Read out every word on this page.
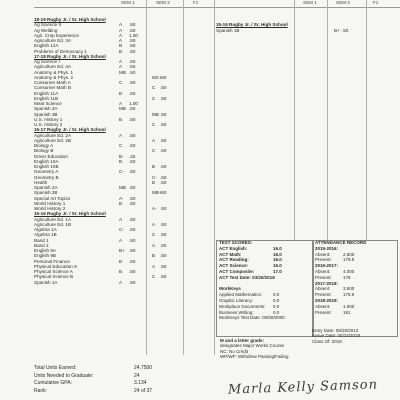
SEM 1	SEM 2	F1	SEM 1	SEM 2	F1
18-19 Rugby Jr. / Sr. High School
Ag Science II	A .50
Ag Welding	A .50
Agri. Crop Experience	A 1.00
Agriculture Ed. 3A	A .50
English 12A	B .50
Problems of Democracy 1	B .50
17-18 Rugby Jr. / Sr. High School
Ag Science I	A .50
Agriculture Ed. 4A	A .50
Anatomy & Phys. 1	MB .50
Anatomy & Phys. 2	MC+
.50
Consumer Math A	C .50
Consumer Math B	C .50
English 11A	B .50
English 11B	C .50
Meat Science	A 1.00
Spanish 3A	MB .50
Spanish 3B	MB .50
U.S. History 1	B .50
U.S. History 2	C .50
16-17 Rugby Jr. / Sr. High School
Agriculture Ed. 2A	A .50
Agriculture Ed. 2B	A .50
Biology A	C .50
Biology B	C .50
Driver Education	B- .25
English 10A	B .50
English 10B	B .50
Geometry A	C- .50
Geometry B	C- .50
Health	B .50
Spanish 2A	MB .50
Spanish 2B	MB+
.50
Special Art Topics	A- .50
World History 1	B .50
World History 2	A- .50
15-16 Rugby Jr. / Sr. High School
Agriculture Ed. 1A	A .50
Agriculture Ed. 1B	A .50
Algebra 1A	C- .50
Algebra 1B	C .50
Band 1	A .50
Band 2	A .50
English 9A	B+ .50
English 9B	B .50
Personal Finance	B .50
Physical Education 9	A .50
Physical Science A	B .50
Physical Science B	C .50
Spanish 1A	A .50
15-16 Rugby Jr. / Sr. High School
Spanish 1B	B+ .50
TEST SCORES:
ACT English:	16.0
ACT Math:	16.0
ACT Reading:	16.0
ACT Science:	16.0
ACT Composite:	17.0
ACT Test Date: 03/20/2018
WorkKeys
Applied Mathematics: 0.0
Graphic Literacy:	0.0
Workplace Documents: 0.0
Business Writing:	0.0
WorkKeys Test Date: 00/00/0000
ATTENDANCE RECORD
2015-2016:
Absent:	2.500
Present: 179.5
2016-2017:
Absent:	4.000
Present: 178
2017-2018:
Absent:	3.500
Present: 178.5
2018-2019:
Absent:	1.000
Present: 181
M and a letter grade:
designates Major Works Course
NC: No Credit
WP/WF: Withdrew Passing/Failing
Entry Date: 08/20/2013
Leave Date: 05/24/2019
Class Of: 2019
Total Units Earned:	24.7500
Units Needed to Graduate:	24
Cumulative GPA:	3.134
Rank:	24 of 37	Marla Kelly Samson
